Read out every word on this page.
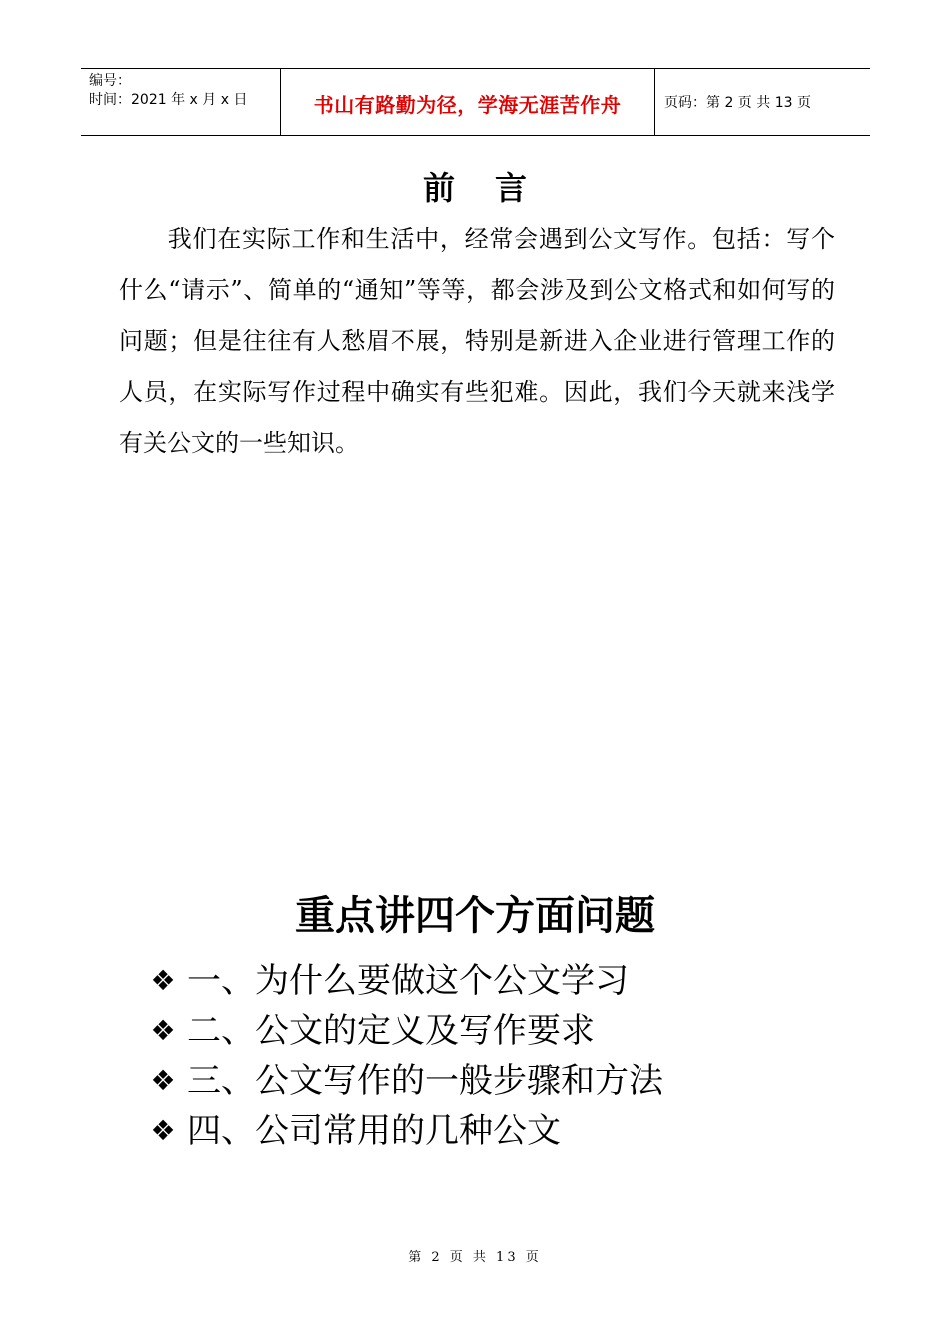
编号：
时间：2021 年 x 月 x 日	书山有路勤为径，学海无涯苦作舟	页码：第 2 页 共 13 页
前言
我们在实际工作和生活中，经常会遇到公文写作。包括：写个什么“请示”、简单的“通知”等等，都会涉及到公文格式和如何写的问题；但是往往有人愁眉不展，特别是新进入企业进行管理工作的人员，在实际写作过程中确实有些犯难。因此，我们今天就来浅学有关公文的一些知识。
重点讲四个方面问题
❖ 一、为什么要做这个公文学习
❖ 二、公文的定义及写作要求
❖ 三、公文写作的一般步骤和方法
❖ 四、公司常用的几种公文
第 2 页 共 13 页
